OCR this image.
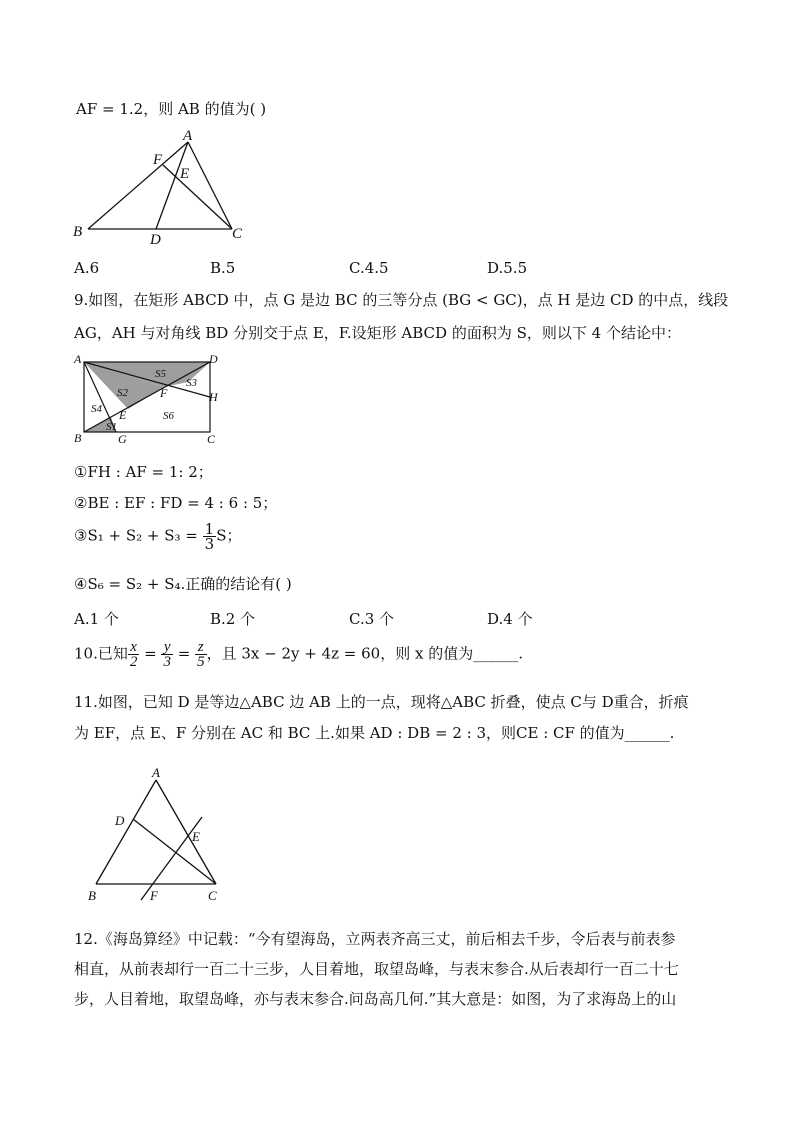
AF = 1.2，则 AB 的值为( )
A
F
E
B	D	C
A.6	B.5	C.4.5	D.5.5
9.如图，在矩形 ABCD 中，点 G 是边 BC 的三等分点 (BG < GC)，点 H 是边 CD 的中点，线段
AG，AH 与对角线 BD 分别交于点 E，F.设矩形 ABCD 的面积为 S，则以下 4 个结论中：
A	D
B	G	C
H
F
E
S5
S3
S2
S4
S6
S1
①FH : AF = 1: 2；
②BE : EF : FD = 4 : 6 : 5；
③S₁ + $S_2 + S_3 = \frac{1}{3}$ S；
④S₆ = S₂ + S₄.正确的结论有( )
A.1 个	B.2 个	C.3 个	D.4 个
10.已知 $\frac{x}{2} = \frac{y}{3} = \frac{z}{5}$ ，且 3x − 2y + 4z = 60，则 x 的值为______.
11.如图，已知 D 是等边△ABC 边 AB 上的一点，现将△ABC 折叠，使点 C与 D重合，折痕
为 EF，点 E、F 分别在 AC 和 BC 上.如果 AD : DB = 2 : 3，则CE : CF 的值为______.
A
D
E
B	F	C
12.《海岛算经》中记载：“今有望海岛，立两表齐高三丈，前后相去千步，令后表与前表参
相直，从前表却行一百二十三步，人目着地，取望岛峰，与表末参合.从后表却行一百二十七
步，人目着地，取望岛峰，亦与表末参合.问岛高几何.”其大意是：如图，为了求海岛上的山
